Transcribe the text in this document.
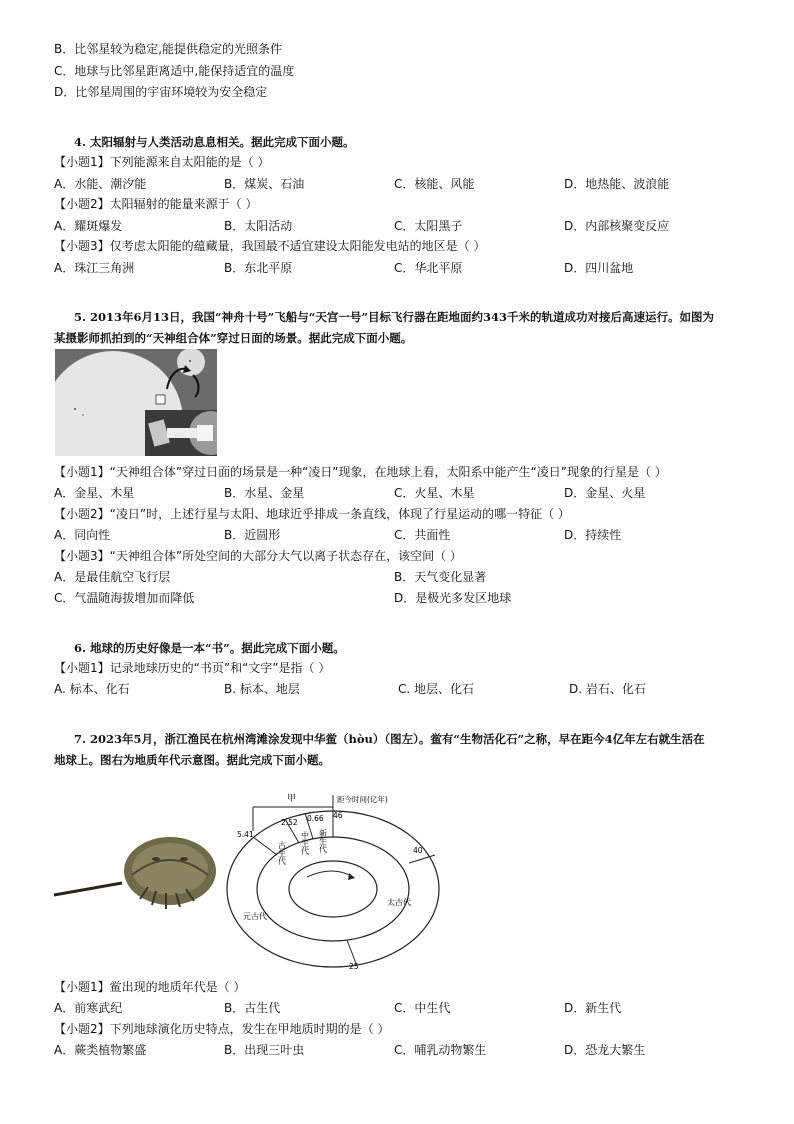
B．比邻星较为稳定,能提供稳定的光照条件
C．地球与比邻星距离适中,能保持适宜的温度
D．比邻星周围的宇宙环境较为安全稳定
4. 太阳辐射与人类活动息息相关。据此完成下面小题。
【小题1】下列能源来自太阳能的是（ ）
A．水能、潮汐能	B．煤炭、石油	C．核能、风能	D．地热能、波浪能
【小题2】太阳辐射的能量来源于（ ）
A．耀斑爆发	B．太阳活动	C．太阳黑子	D．内部核聚变反应
【小题3】仅考虑太阳能的蕴藏量，我国最不适宜建设太阳能发电站的地区是（ ）
A．珠江三角洲	B．东北平原	C．华北平原	D．四川盆地
5. 2013年6月13日，我国“神舟十号”飞船与“天宫一号”目标飞行器在距地面约343千米的轨道成功对接后高速运行。如图为
某摄影师抓拍到的“天神组合体”穿过日面的场景。据此完成下面小题。
【小题1】“天神组合体”穿过日面的场景是一种“凌日”现象，在地球上看，太阳系中能产生“凌日”现象的行星是（ ）
A．金星、木星	B．水星、金星	C．火星、木星	D．金星、火星
【小题2】“凌日”时，上述行星与太阳、地球近乎排成一条直线，体现了行星运动的哪一特征（ ）
A．同向性	B．近圆形	C．共面性	D．持续性
【小题3】“天神组合体”所处空间的大部分大气以离子状态存在，该空间（ ）
A．是最佳航空飞行层	B．天气变化显著
C．气温随海拔增加而降低	D．是极光多发区地球
6. 地球的历史好像是一本“书”。据此完成下面小题。
【小题1】记录地球历史的“书页”和“文字”是指（ ）
A. 标本、化石	B. 标本、地层	C. 地层、化石	D. 岩石、化石
7. 2023年5月，浙江渔民在杭州湾滩涂发现中华鲎（hòu）（图左）。鲎有“生物活化石”之称，早在距今4亿年左右就生活在
地球上。图右为地质年代示意图。据此完成下面小题。
甲	距今时间(亿年)
5.41
2.52 0.66 46
40
25
古生代 中生代 新生代
太古代
元古代
【小题1】鲎出现的地质年代是（ ）
A．前寒武纪	B．古生代	C．中生代	D．新生代
【小题2】下列地球演化历史特点，发生在甲地质时期的是（ ）
A．蕨类植物繁盛	B．出现三叶虫	C．哺乳动物繁生	D．恐龙大繁生
